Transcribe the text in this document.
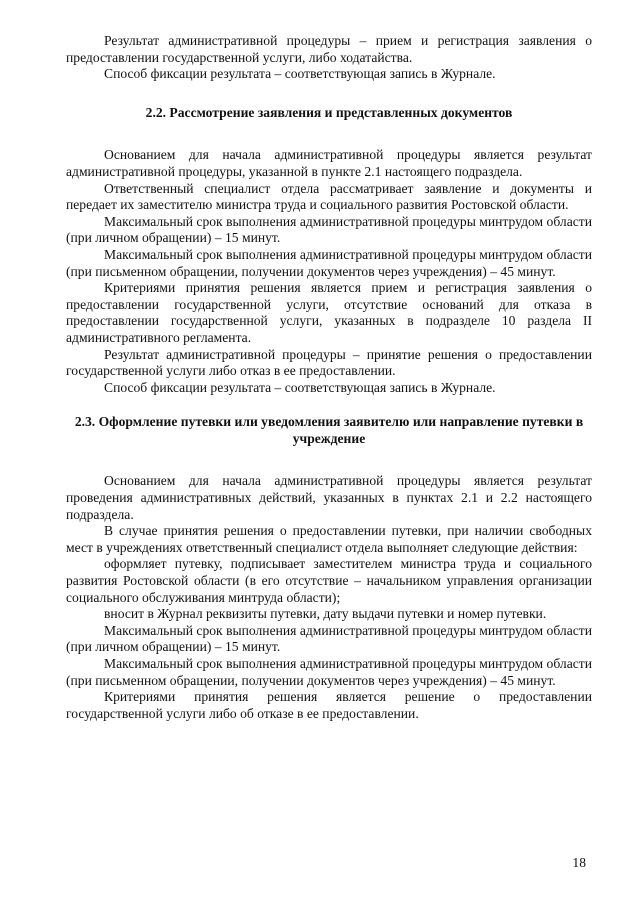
Результат административной процедуры – прием и регистрация заявления о предоставлении государственной услуги, либо ходатайства.

Способ фиксации результата – соответствующая запись в Журнале.

2.2. Рассмотрение заявления и представленных документов

Основанием для начала административной процедуры является результат административной процедуры, указанной в пункте 2.1 настоящего подраздела.

Ответственный специалист отдела рассматривает заявление и документы и передает их заместителю министра труда и социального развития Ростовской области.

Максимальный срок выполнения административной процедуры минтрудом области (при личном обращении) – 15 минут.

Максимальный срок выполнения административной процедуры минтрудом области (при письменном обращении, получении документов через учреждения) – 45 минут.

Критериями принятия решения является прием и регистрация заявления о предоставлении государственной услуги, отсутствие оснований для отказа в предоставлении государственной услуги, указанных в подразделе 10 раздела II административного регламента.

Результат административной процедуры – принятие решения о предоставлении государственной услуги либо отказ в ее предоставлении.

Способ фиксации результата – соответствующая запись в Журнале.

2.3. Оформление путевки или уведомления заявителю или направление путевки в учреждение

Основанием для начала административной процедуры является результат проведения административных действий, указанных в пунктах 2.1 и 2.2 настоящего подраздела.

В случае принятия решения о предоставлении путевки, при наличии свободных мест в учреждениях ответственный специалист отдела выполняет следующие действия:

оформляет путевку, подписывает заместителем министра труда и социального развития Ростовской области (в его отсутствие – начальником управления организации социального обслуживания минтруда области);

вносит в Журнал реквизиты путевки, дату выдачи путевки и номер путевки.

Максимальный срок выполнения административной процедуры минтрудом области (при личном обращении) – 15 минут.

Максимальный срок выполнения административной процедуры минтрудом области (при письменном обращении, получении документов через учреждения) – 45 минут.

Критериями принятия решения является решение о предоставлении государственной услуги либо об отказе в ее предоставлении.

18
